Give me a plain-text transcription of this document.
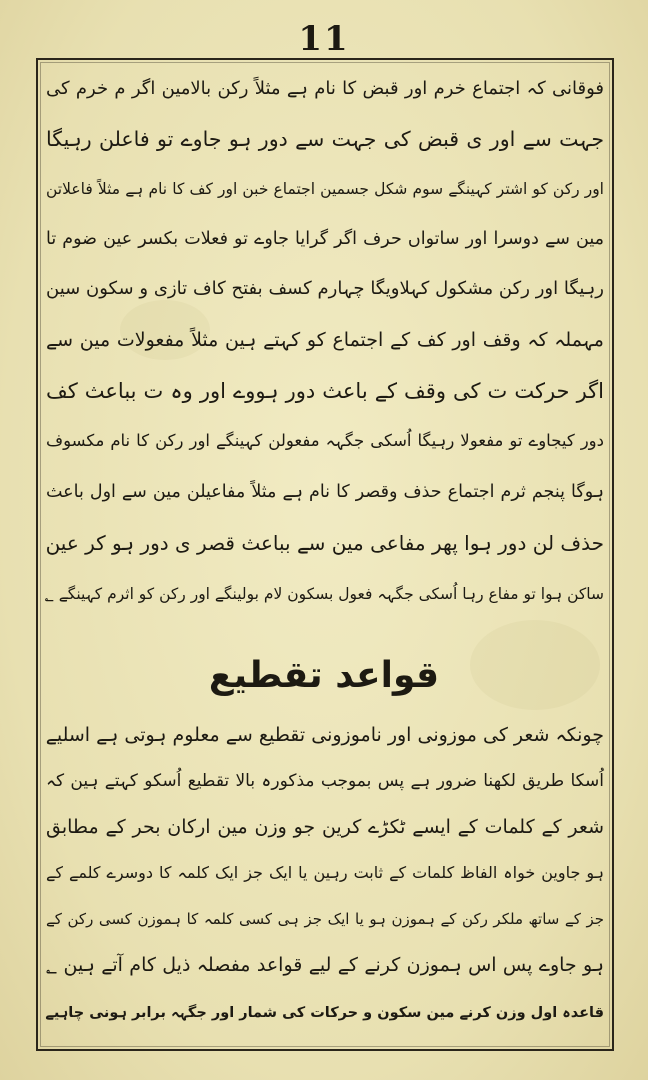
11
فوقانی کہ اجتماع خرم اور قبض کا نام ہے مثلاً رکن بالامین اگر م خرم کی
جہت سے اور ی قبض کی جہت سے دور ہو جاوے تو فاعلن رہیگا
اور رکن کو اشتر کہینگے سوم شکل جسمین اجتماع خبن اور کف کا نام ہے مثلاً فاعلاتن
مین سے دوسرا اور ساتواں حرف اگر گرایا جاوے تو فعلات بکسر عین ضوم تا
رہیگا اور رکن مشکول کہلاویگا چہارم کسف بفتح کاف تازی و سکون سین
مہملہ کہ وقف اور کف کے اجتماع کو کہتے ہین مثلاً مفعولات مین سے
اگر حرکت ت کی وقف کے باعث دور ہووے اور وہ ت بباعث کف
دور کیجاوے تو مفعولا رہیگا اُسکی جگہہ مفعولن کہینگے اور رکن کا نام مکسوف
ہوگا پنجم ثرم اجتماع حذف وقصر کا نام ہے مثلاً مفاعیلن مین سے اول باعث
حذف لن دور ہوا پھر مفاعی مین سے بباعث قصر ی دور ہو کر عین
ساکن ہوا تو مفاع رہا اُسکی جگہہ فعول بسکون لام بولینگے اور رکن کو اثرم کہینگے ؂
قواعد تقطیع
چونکہ شعر کی موزونی اور ناموزونی تقطیع سے معلوم ہوتی ہے اسلیے
اُسکا طریق لکھنا ضرور ہے پس بموجب مذکورہ بالا تقطیع اُسکو کہتے ہین کہ
شعر کے کلمات کے ایسے ٹکڑے کرین جو وزن مین ارکان بحر کے مطابق
ہو جاوین خواہ الفاظ کلمات کے ثابت رہین یا ایک جز ایک کلمہ کا دوسرے کلمے کے
جز کے ساتھ ملکر رکن کے ہموزن ہو یا ایک جز ہی کسی کلمہ کا ہموزن کسی رکن کے
ہو جاوے پس اس ہموزن کرنے کے لیے قواعد مفصلہ ذیل کام آتے ہین ؂
قاعدہ اول وزن کرنے مین سکون و حرکات کی شمار اور جگہہ برابر ہونی چاہیے
